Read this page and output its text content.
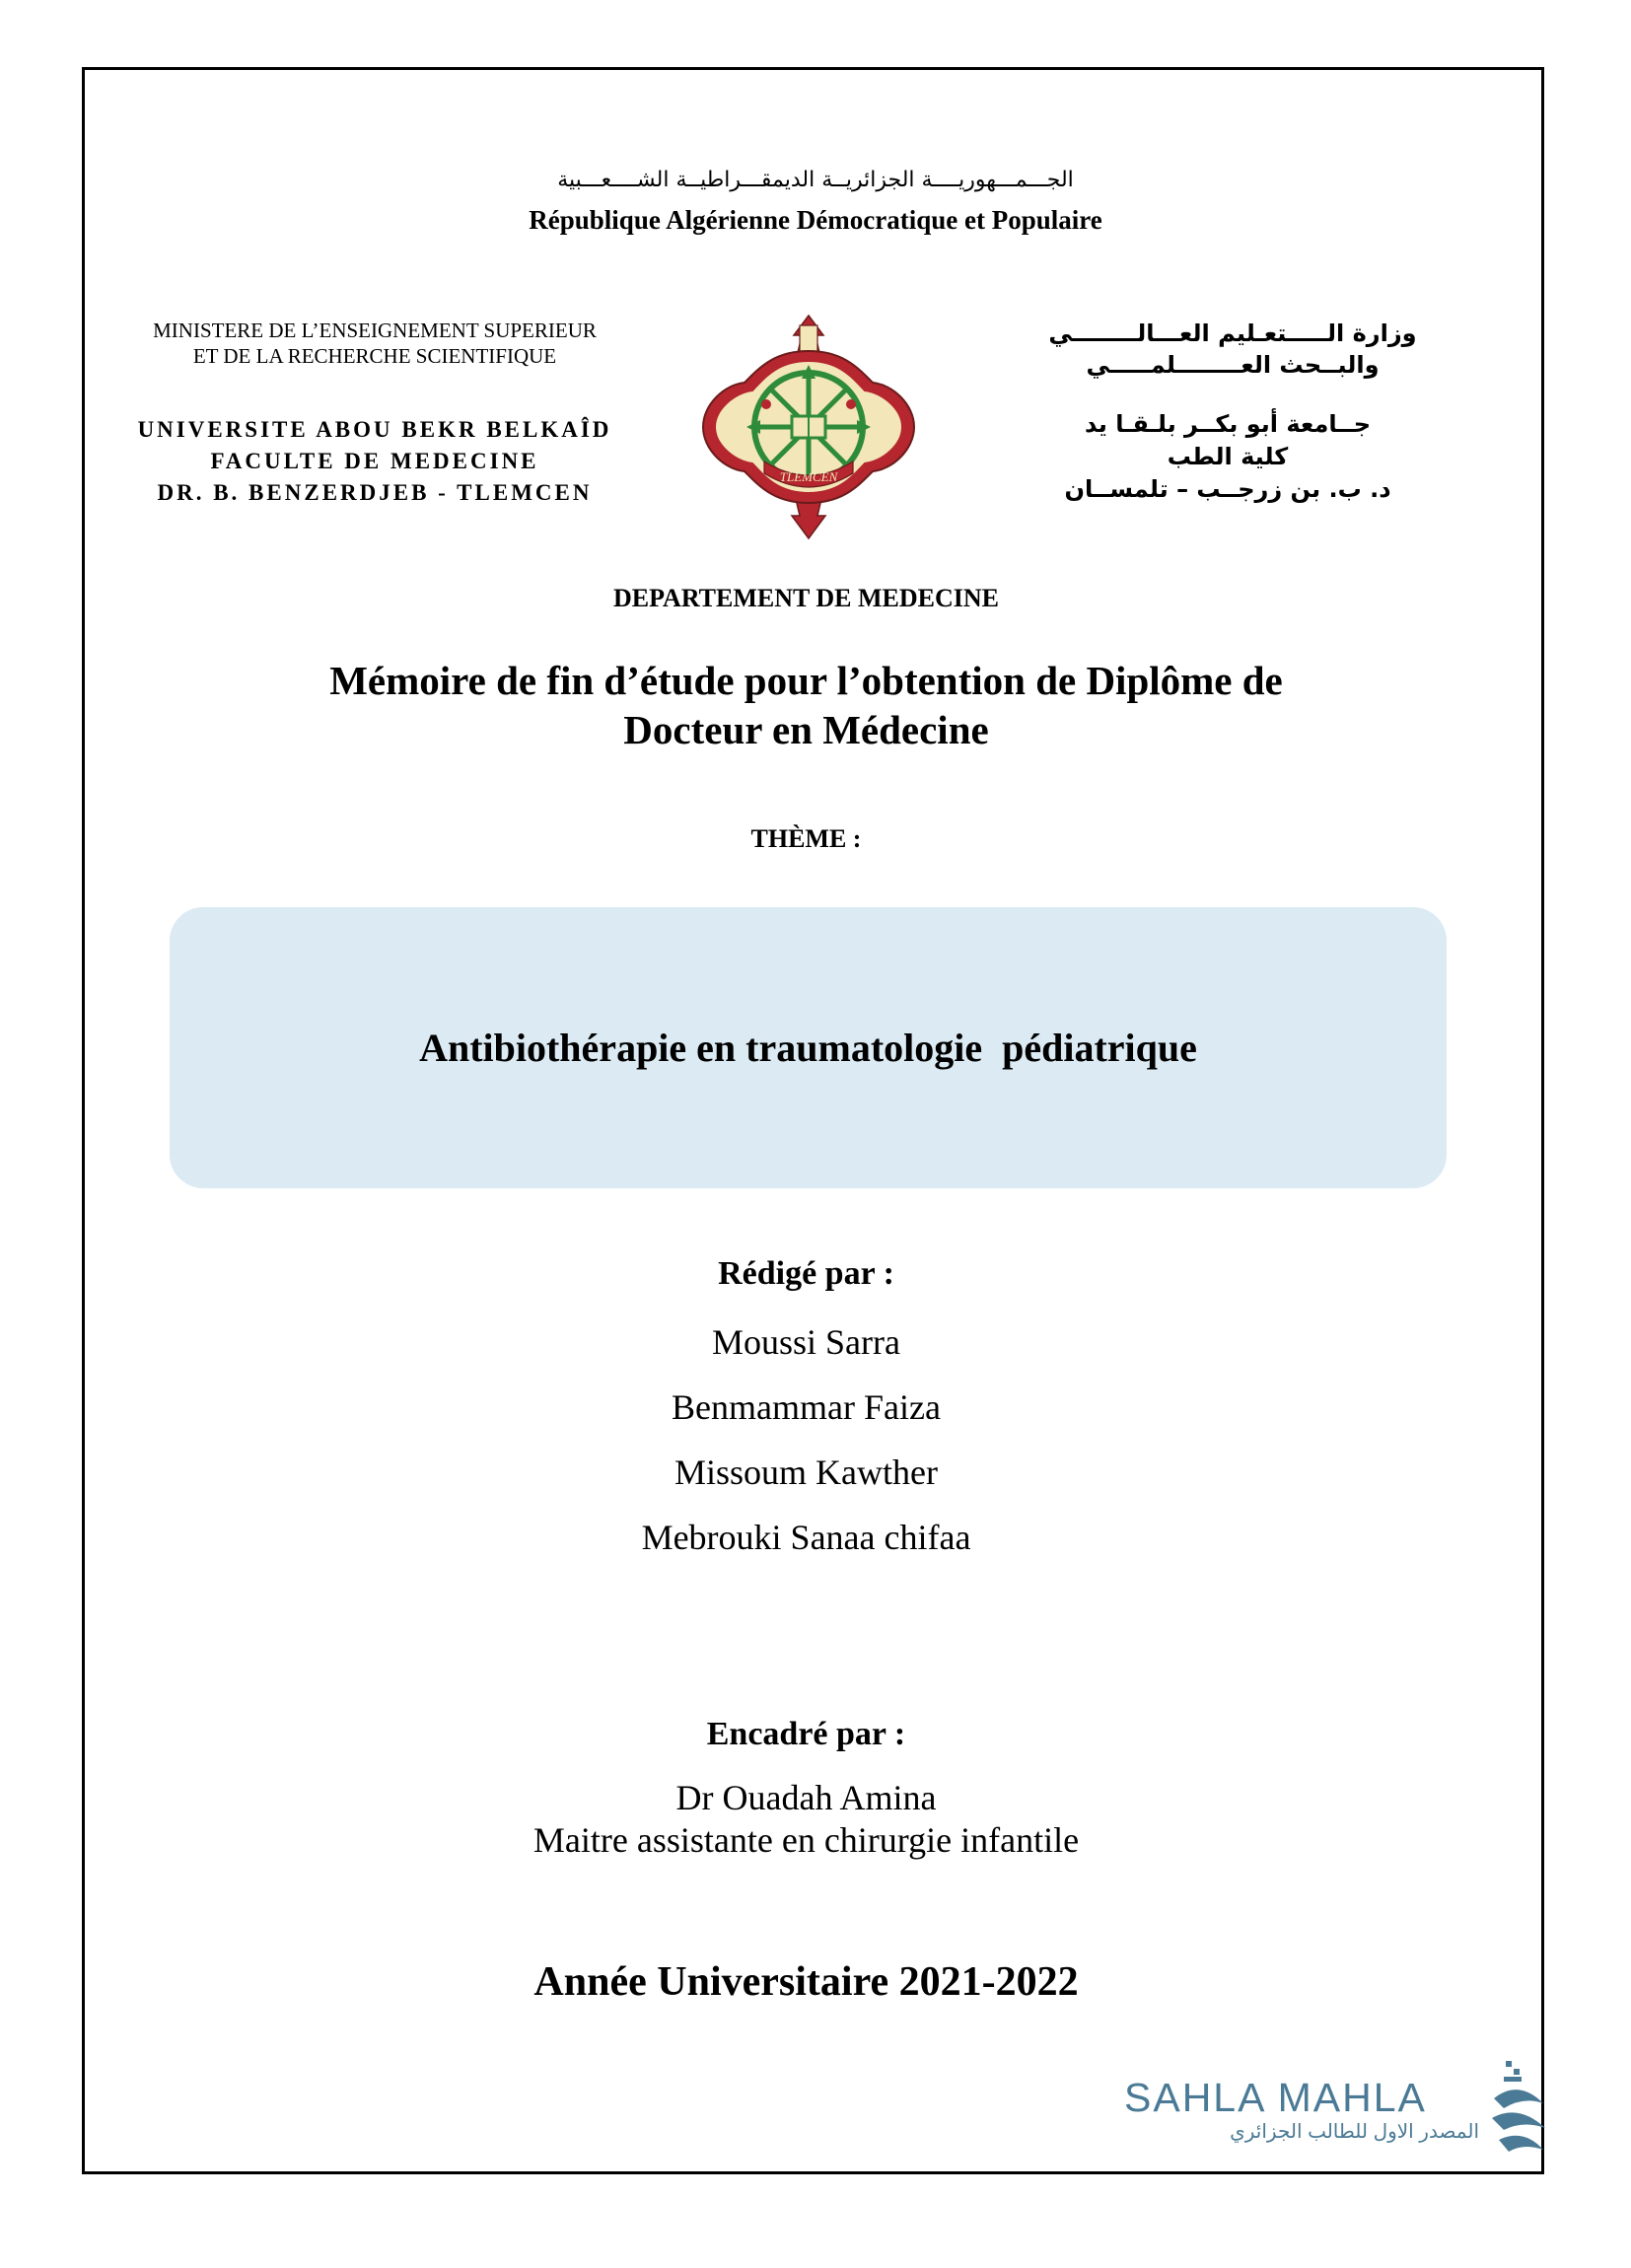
الجـــمـــهوريــــة الجزائريــة الديمقـــراطيــة الشــــعـــبية
République Algérienne Démocratique et Populaire
MINISTERE DE L’ENSEIGNEMENT SUPERIEUR
ET DE LA RECHERCHE SCIENTIFIQUE
UNIVERSITE ABOU BEKR BELKAÎD
FACULTE DE MEDECINE
DR. B. BENZERDJEB - TLEMCEN
TLEMCEN
وزارة الـــــتعـليم العـــالــــــــي
والبــحث العــــــــلمـــــي
جــامعة أبو بكــر بلـقـا يد
كلية الطب
د. ب. بن زرجــب – تلمســان
DEPARTEMENT DE MEDECINE
Mémoire de fin d’étude pour l’obtention de Diplôme de
Docteur en Médecine
THÈME :
Antibiothérapie en traumatologie  pédiatrique
Rédigé par :
Moussi Sarra
Benmammar Faiza
Missoum Kawther
Mebrouki Sanaa chifaa
Encadré par :
Dr Ouadah Amina
Maitre assistante en chirurgie infantile
Année Universitaire 2021-2022
SAHLA MAHLA
المصدر الاول للطالب الجزائري
